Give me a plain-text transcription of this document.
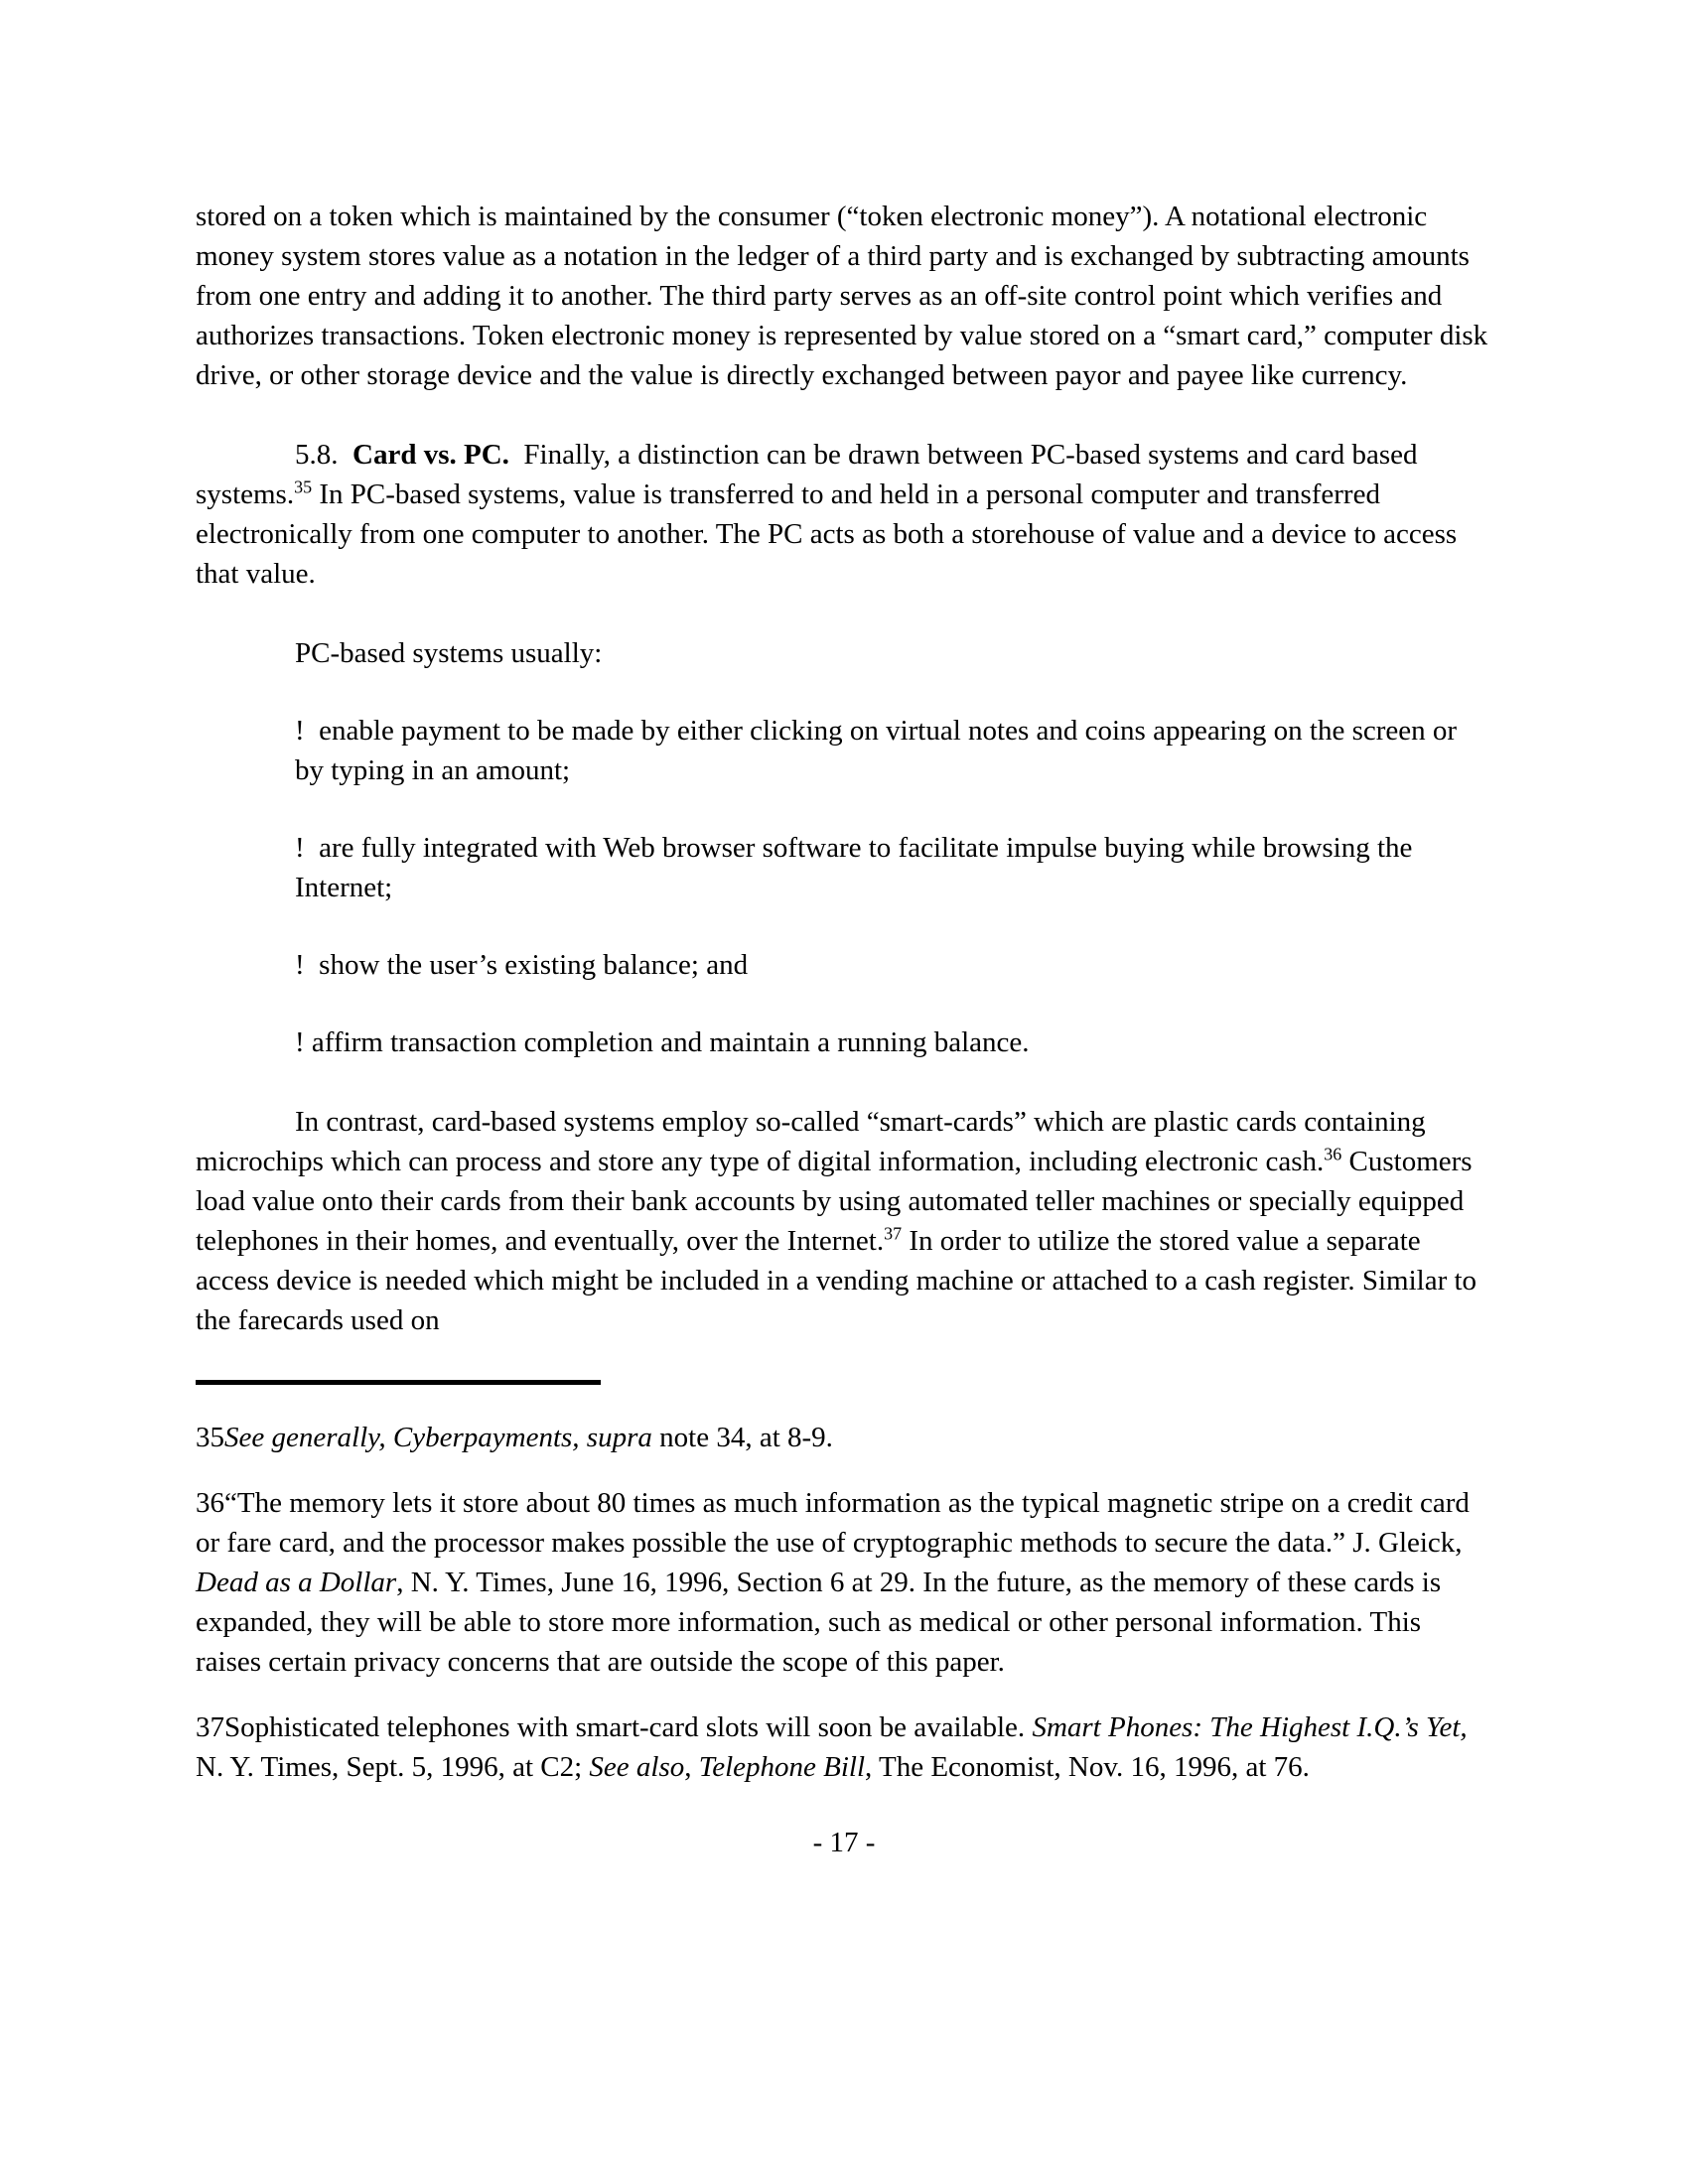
stored on a token which is maintained by the consumer (“token electronic money”). A notational electronic money system stores value as a notation in the ledger of a third party and is exchanged by subtracting amounts from one entry and adding it to another. The third party serves as an off-site control point which verifies and authorizes transactions. Token electronic money is represented by value stored on a “smart card,” computer disk drive, or other storage device and the value is directly exchanged between payor and payee like currency.

5.8.  Card vs. PC.  Finally, a distinction can be drawn between PC-based systems and card based systems.$^{35}$ In PC-based systems, value is transferred to and held in a personal computer and transferred electronically from one computer to another. The PC acts as both a storehouse of value and a device to access that value.

PC-based systems usually:

!  enable payment to be made by either clicking on virtual notes and coins appearing on the screen or by typing in an amount;

!  are fully integrated with Web browser software to facilitate impulse buying while browsing the Internet;

!  show the user’s existing balance; and

! affirm transaction completion and maintain a running balance.

In contrast, card-based systems employ so-called “smart-cards” which are plastic cards containing microchips which can process and store any type of digital information, including electronic cash.$^{36}$ Customers load value onto their cards from their bank accounts by using automated teller machines or specially equipped telephones in their homes, and eventually, over the Internet.$^{37}$ In order to utilize the stored value a separate access device is needed which might be included in a vending machine or attached to a cash register. Similar to the farecards used on

35See generally, Cyberpayments, supra note 34, at 8-9.

36“The memory lets it store about 80 times as much information as the typical magnetic stripe on a credit card or fare card, and the processor makes possible the use of cryptographic methods to secure the data.” J. Gleick, Dead as a Dollar, N. Y. Times, June 16, 1996, Section 6 at 29. In the future, as the memory of these cards is expanded, they will be able to store more information, such as medical or other personal information. This raises certain privacy concerns that are outside the scope of this paper.

37Sophisticated telephones with smart-card slots will soon be available. Smart Phones: The Highest I.Q.’s Yet, N. Y. Times, Sept. 5, 1996, at C2; See also, Telephone Bill, The Economist, Nov. 16, 1996, at 76.

- 17 -
